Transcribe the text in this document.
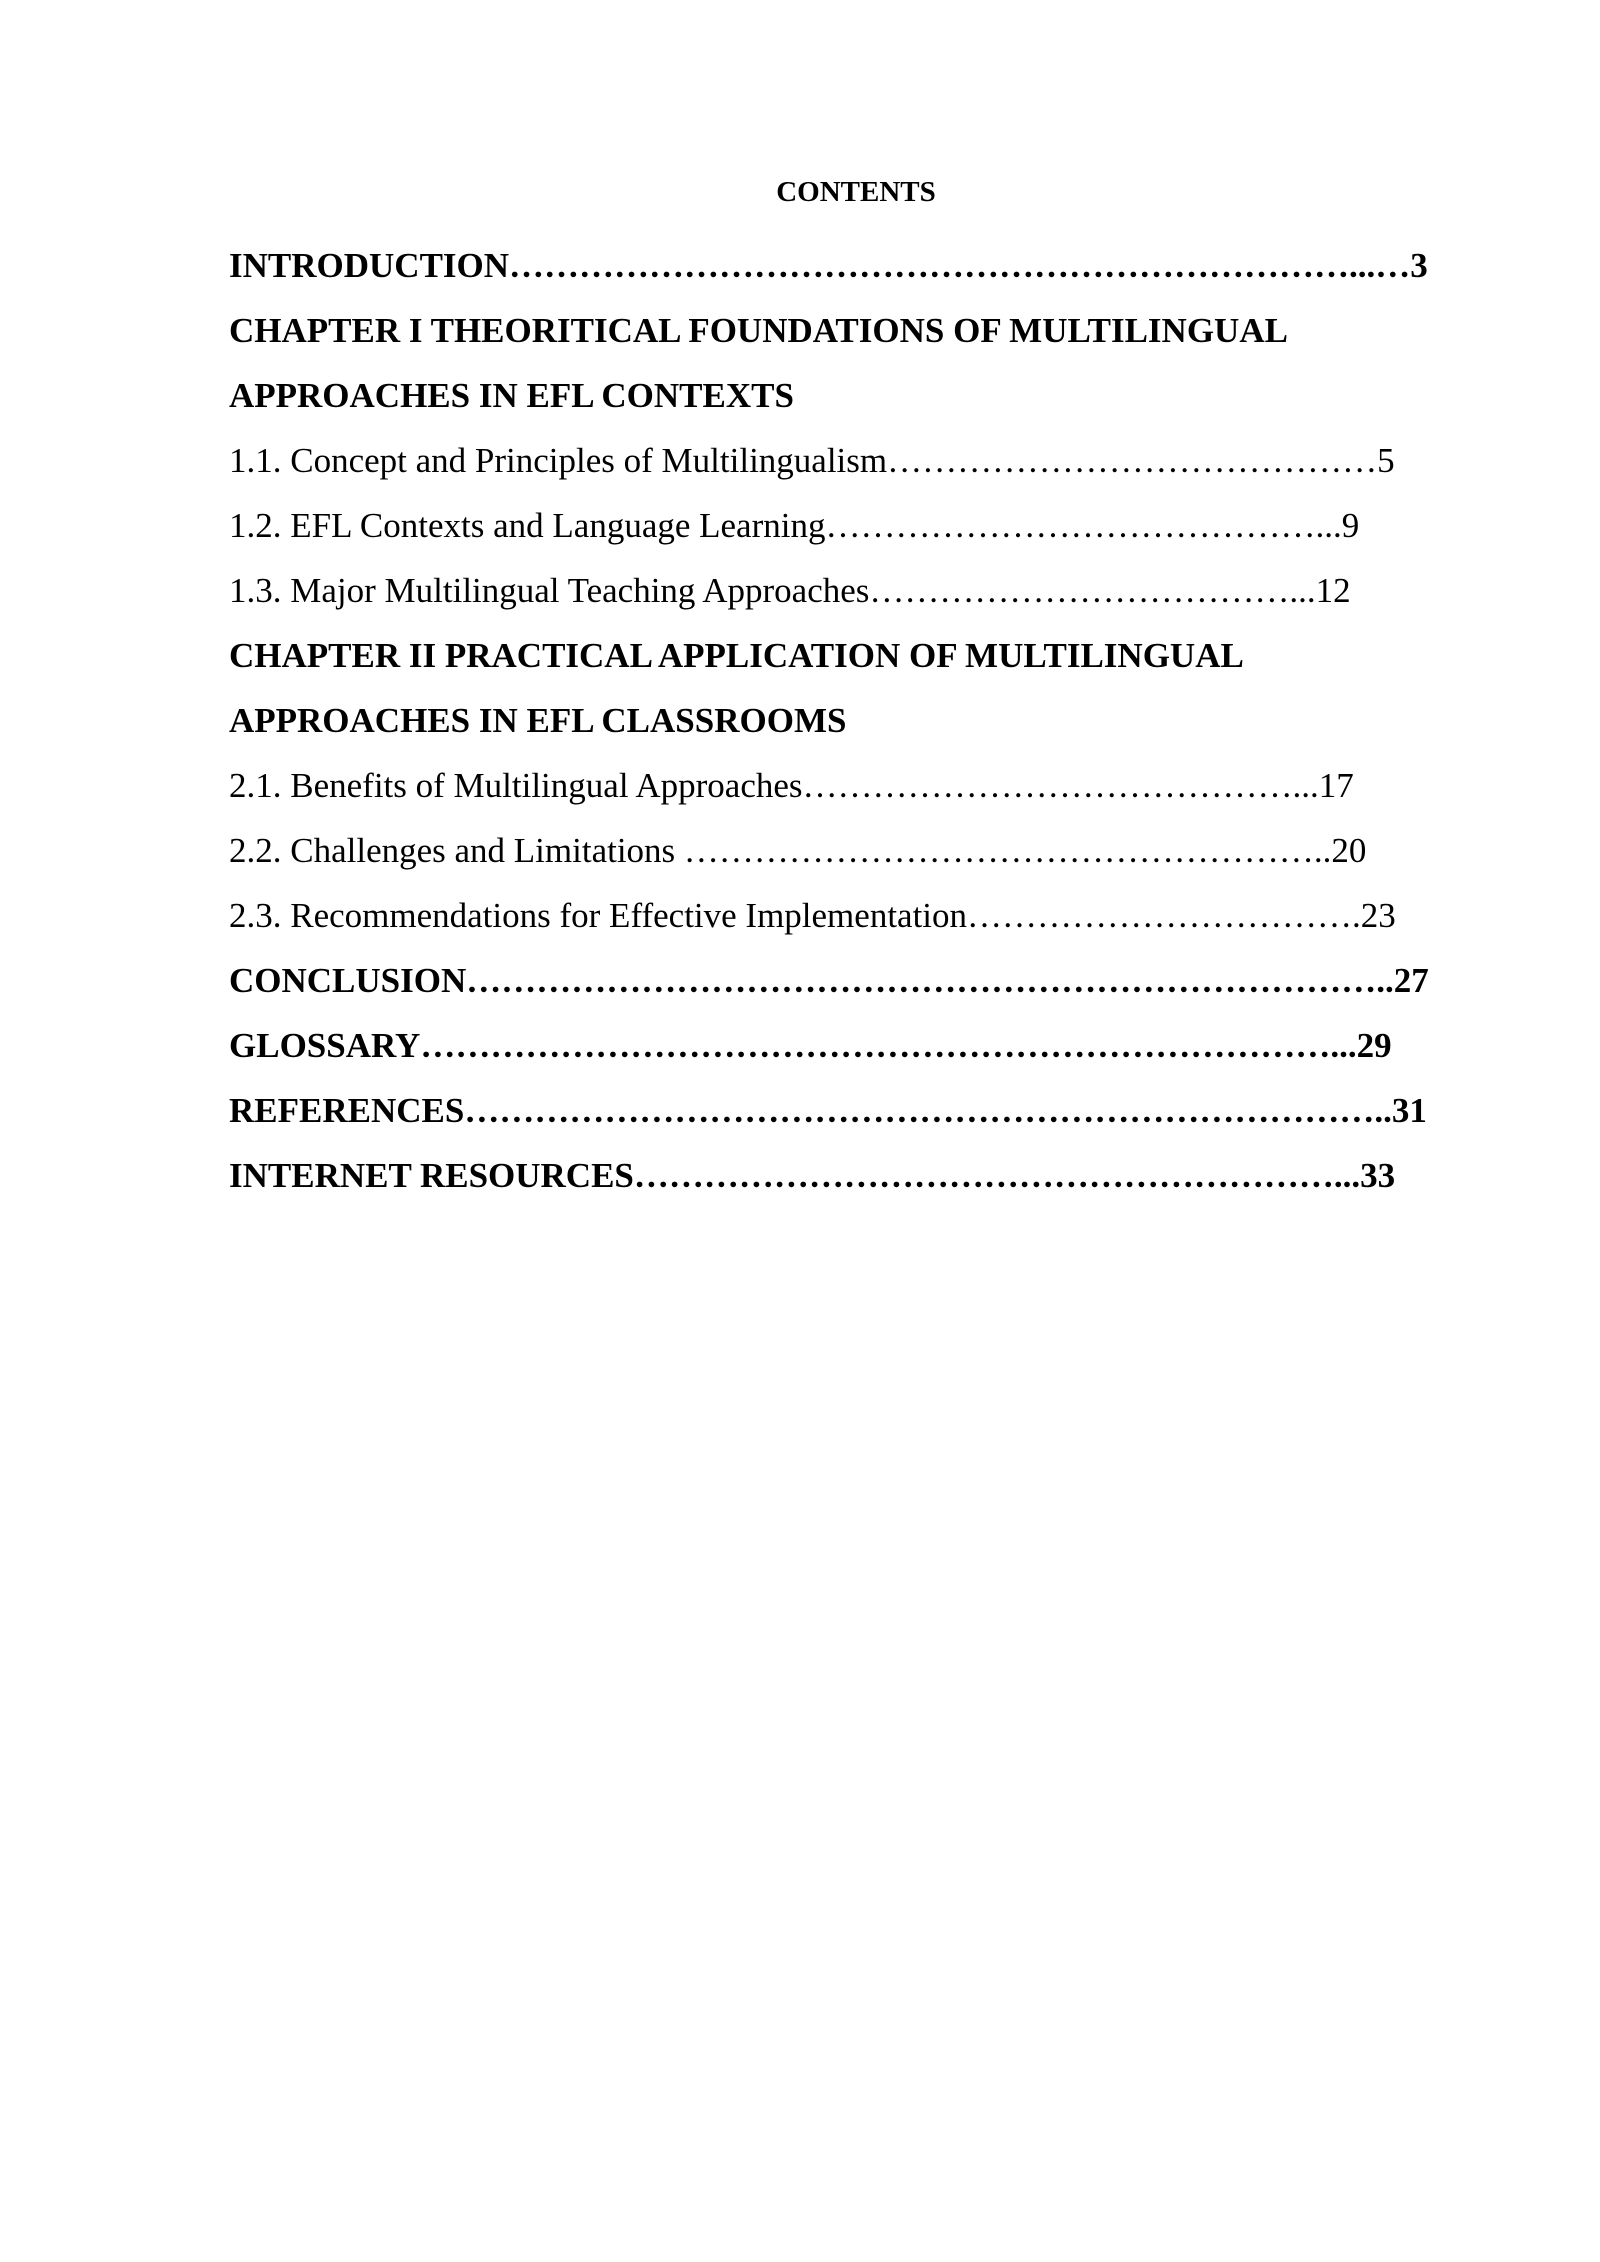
CONTENTS
INTRODUCTION………………………………………………………………...…3
CHAPTER I THEORITICAL FOUNDATIONS OF MULTILINGUAL
APPROACHES IN EFL CONTEXTS
1.1. Concept and Principles of Multilingualism……………………………………5
1.2. EFL Contexts and Language Learning……………………………………...9
1.3. Major Multilingual Teaching Approaches………………………………...12
CHAPTER II PRACTICAL APPLICATION OF MULTILINGUAL
APPROACHES IN EFL CLASSROOMS
2.1. Benefits of Multilingual Approaches……………………………………...17
2.2. Challenges and Limitations ………………………………………………..20
2.3. Recommendations for Effective Implementation…………………………….23
CONCLUSION……………………………………………………………………..27
GLOSSARY……………………………………………………………………...29
REFERENCES……………………………………………………………………..31
INTERNET RESOURCES……………………………………………………...33
